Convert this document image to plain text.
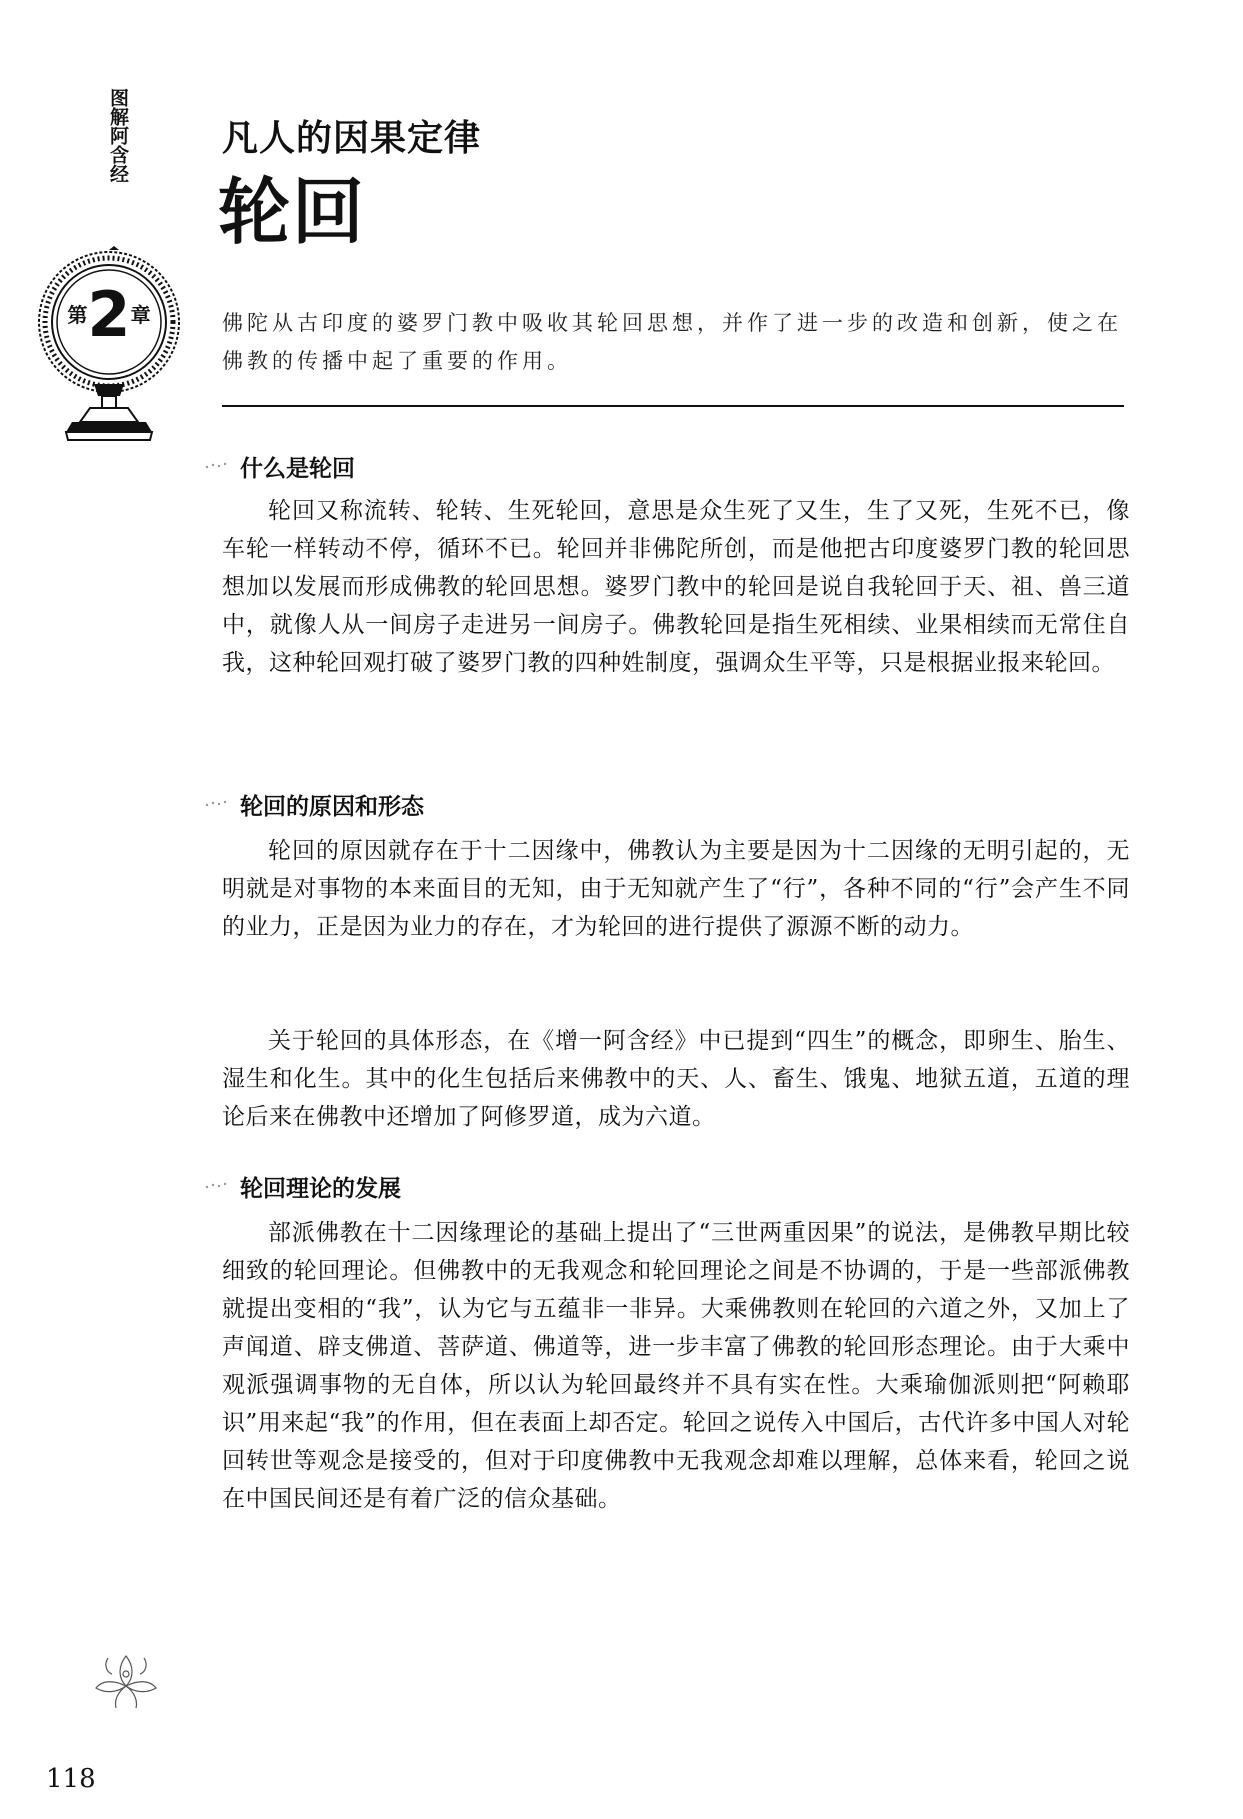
图解阿含经
第2章
凡人的因果定律
轮回
佛陀从古印度的婆罗门教中吸收其轮回思想，并作了进一步的改造和创新，使之在佛教的传播中起了重要的作用。
什么是轮回
轮回又称流转、轮转、生死轮回，意思是众生死了又生，生了又死，生死不已，像车轮一样转动不停，循环不已。轮回并非佛陀所创，而是他把古印度婆罗门教的轮回思想加以发展而形成佛教的轮回思想。婆罗门教中的轮回是说自我轮回于天、祖、兽三道中，就像人从一间房子走进另一间房子。佛教轮回是指生死相续、业果相续而无常住自我，这种轮回观打破了婆罗门教的四种姓制度，强调众生平等，只是根据业报来轮回。
轮回的原因和形态
轮回的原因就存在于十二因缘中，佛教认为主要是因为十二因缘的无明引起的，无明就是对事物的本来面目的无知，由于无知就产生了“行”，各种不同的“行”会产生不同的业力，正是因为业力的存在，才为轮回的进行提供了源源不断的动力。
关于轮回的具体形态，在《增一阿含经》中已提到“四生”的概念，即卵生、胎生、湿生和化生。其中的化生包括后来佛教中的天、人、畜生、饿鬼、地狱五道，五道的理论后来在佛教中还增加了阿修罗道，成为六道。
轮回理论的发展
部派佛教在十二因缘理论的基础上提出了“三世两重因果”的说法，是佛教早期比较细致的轮回理论。但佛教中的无我观念和轮回理论之间是不协调的，于是一些部派佛教就提出变相的“我”，认为它与五蕴非一非异。大乘佛教则在轮回的六道之外，又加上了声闻道、辟支佛道、菩萨道、佛道等，进一步丰富了佛教的轮回形态理论。由于大乘中观派强调事物的无自体，所以认为轮回最终并不具有实在性。大乘瑜伽派则把“阿赖耶识”用来起“我”的作用，但在表面上却否定。轮回之说传入中国后，古代许多中国人对轮回转世等观念是接受的，但对于印度佛教中无我观念却难以理解，总体来看，轮回之说在中国民间还是有着广泛的信众基础。
118
